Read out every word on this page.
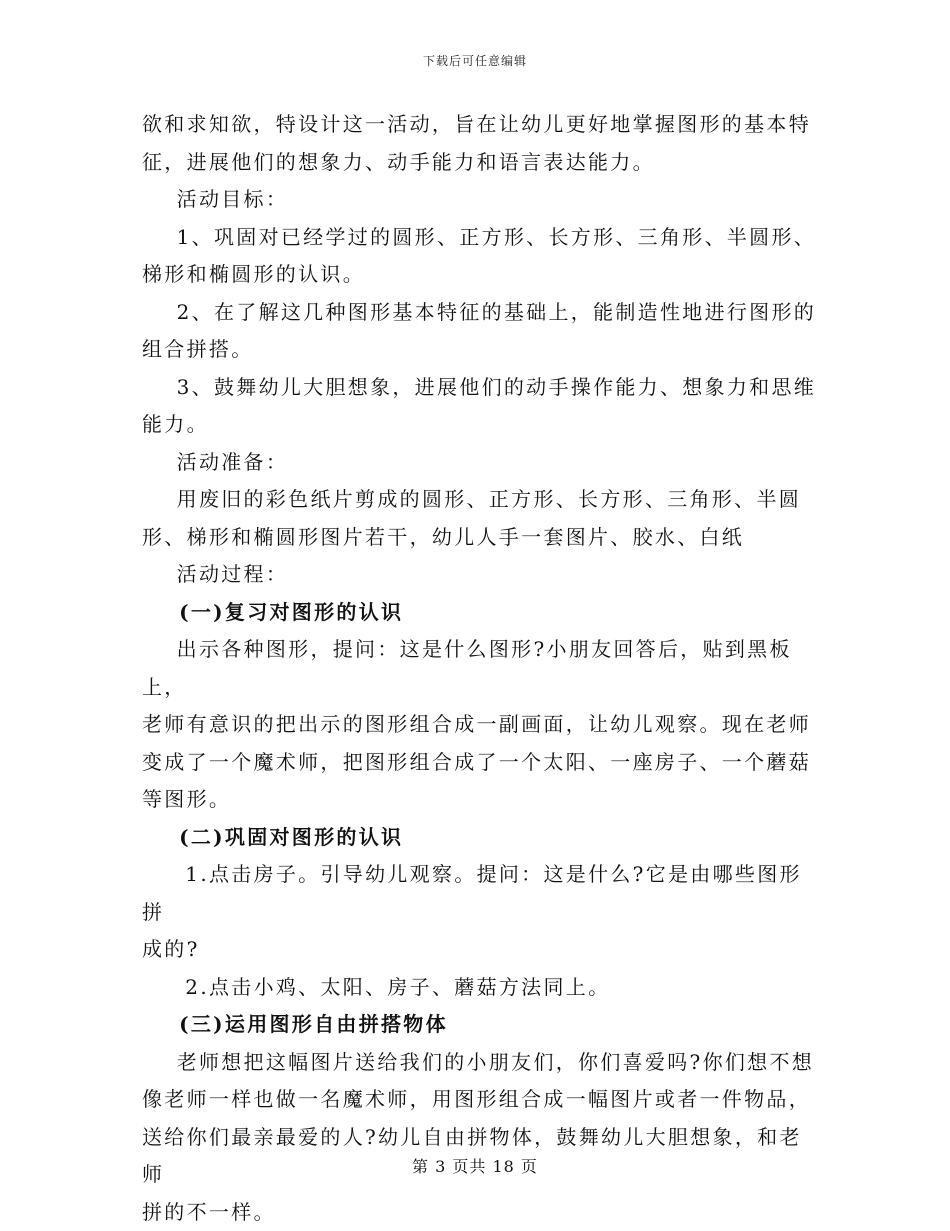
下载后可任意编辑

欲和求知欲，特设计这一活动，旨在让幼儿更好地掌握图形的基本特

征，进展他们的想象力、动手能力和语言表达能力。

活动目标：

1、巩固对已经学过的圆形、正方形、长方形、三角形、半圆形、

梯形和椭圆形的认识。

2、在了解这几种图形基本特征的基础上，能制造性地进行图形的

组合拼搭。

3、鼓舞幼儿大胆想象，进展他们的动手操作能力、想象力和思维

能力。

活动准备：

用废旧的彩色纸片剪成的圆形、正方形、长方形、三角形、半圆

形、梯形和椭圆形图片若干，幼儿人手一套图片、胶水、白纸

活动过程：

(一)复习对图形的认识

出示各种图形，提问：这是什么图形?小朋友回答后，贴到黑板上，

老师有意识的把出示的图形组合成一副画面，让幼儿观察。现在老师

变成了一个魔术师，把图形组合成了一个太阳、一座房子、一个蘑菇

等图形。

(二)巩固对图形的认识

1.点击房子。引导幼儿观察。提问：这是什么?它是由哪些图形拼

成的?

2.点击小鸡、太阳、房子、蘑菇方法同上。

(三)运用图形自由拼搭物体

老师想把这幅图片送给我们的小朋友们，你们喜爱吗?你们想不想

像老师一样也做一名魔术师，用图形组合成一幅图片或者一件物品，

送给你们最亲最爱的人?幼儿自由拼物体，鼓舞幼儿大胆想象，和老师

拼的不一样。

第 3 页共 18 页
